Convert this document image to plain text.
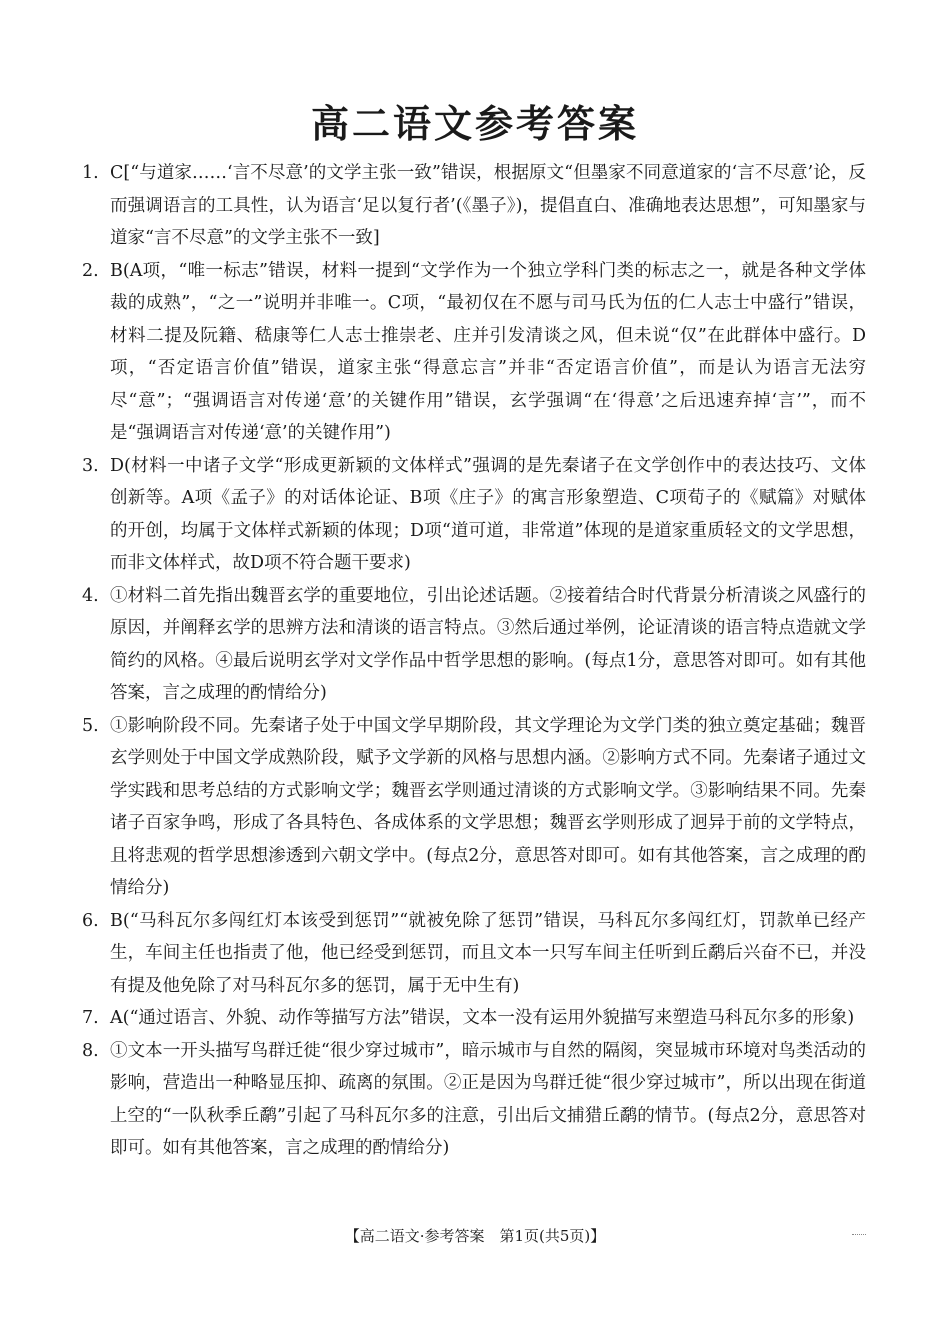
高二语文参考答案
1. C[“与道家……‘言不尽意’的文学主张一致”错误，根据原文“但墨家不同意道家的‘言不尽意’论，反而强调语言的工具性，认为语言‘足以复行者’(《墨子》)，提倡直白、准确地表达思想”，可知墨家与道家“言不尽意”的文学主张不一致]
2. B(A项，“唯一标志”错误，材料一提到“文学作为一个独立学科门类的标志之一，就是各种文学体裁的成熟”，“之一”说明并非唯一。C项，“最初仅在不愿与司马氏为伍的仁人志士中盛行”错误，材料二提及阮籍、嵇康等仁人志士推崇老、庄并引发清谈之风，但未说“仅”在此群体中盛行。D项，“否定语言价值”错误，道家主张“得意忘言”并非“否定语言价值”，而是认为语言无法穷尽“意”；“强调语言对传递‘意’的关键作用”错误，玄学强调“在‘得意’之后迅速弃掉‘言’”，而不是“强调语言对传递‘意’的关键作用”)
3. D(材料一中诸子文学“形成更新颖的文体样式”强调的是先秦诸子在文学创作中的表达技巧、文体创新等。A项《孟子》的对话体论证、B项《庄子》的寓言形象塑造、C项荀子的《赋篇》对赋体的开创，均属于文体样式新颖的体现；D项“道可道，非常道”体现的是道家重质轻文的文学思想，而非文体样式，故D项不符合题干要求)
4. ①材料二首先指出魏晋玄学的重要地位，引出论述话题。②接着结合时代背景分析清谈之风盛行的原因，并阐释玄学的思辨方法和清谈的语言特点。③然后通过举例，论证清谈的语言特点造就文学简约的风格。④最后说明玄学对文学作品中哲学思想的影响。(每点1分，意思答对即可。如有其他答案，言之成理的酌情给分)
5. ①影响阶段不同。先秦诸子处于中国文学早期阶段，其文学理论为文学门类的独立奠定基础；魏晋玄学则处于中国文学成熟阶段，赋予文学新的风格与思想内涵。②影响方式不同。先秦诸子通过文学实践和思考总结的方式影响文学；魏晋玄学则通过清谈的方式影响文学。③影响结果不同。先秦诸子百家争鸣，形成了各具特色、各成体系的文学思想；魏晋玄学则形成了迥异于前的文学特点，且将悲观的哲学思想渗透到六朝文学中。(每点2分，意思答对即可。如有其他答案，言之成理的酌情给分)
6. B(“马科瓦尔多闯红灯本该受到惩罚”“就被免除了惩罚”错误，马科瓦尔多闯红灯，罚款单已经产生，车间主任也指责了他，他已经受到惩罚，而且文本一只写车间主任听到丘鹬后兴奋不已，并没有提及他免除了对马科瓦尔多的惩罚，属于无中生有)
7. A(“通过语言、外貌、动作等描写方法”错误，文本一没有运用外貌描写来塑造马科瓦尔多的形象)
8. ①文本一开头描写鸟群迁徙“很少穿过城市”，暗示城市与自然的隔阂，突显城市环境对鸟类活动的影响，营造出一种略显压抑、疏离的氛围。②正是因为鸟群迁徙“很少穿过城市”，所以出现在街道上空的“一队秋季丘鹬”引起了马科瓦尔多的注意，引出后文捕猎丘鹬的情节。(每点2分，意思答对即可。如有其他答案，言之成理的酌情给分)
【高二语文·参考答案　第1页(共5页)】
